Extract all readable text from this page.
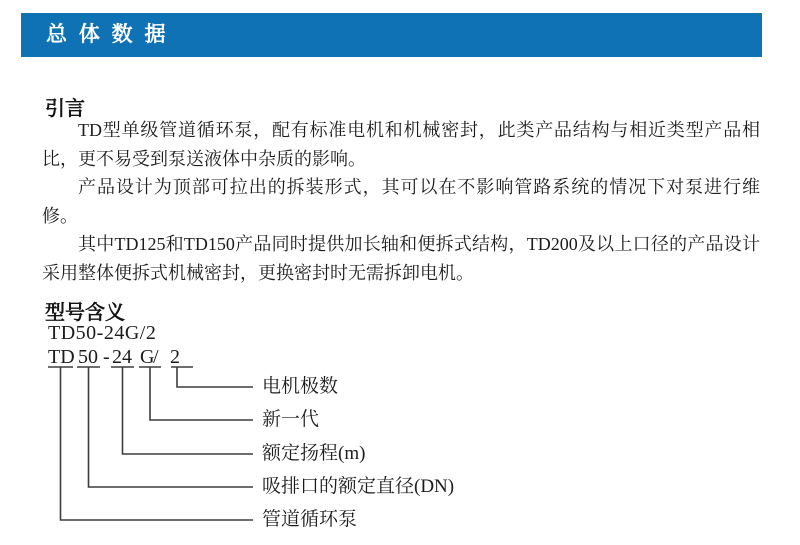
总 体 数 据
引言

TD型单级管道循环泵，配有标准电机和机械密封，此类产品结构与相近类型产品相比，更不易受到泵送液体中杂质的影响。

产品设计为顶部可拉出的拆装形式，其可以在不影响管路系统的情况下对泵进行维修。

其中TD125和TD150产品同时提供加长轴和便拆式结构，TD200及以上口径的产品设计采用整体便拆式机械密封，更换密封时无需拆卸电机。

型号含义
TD50-24G/2
TD 50 - 24 G
/ 2
电机极数
新一代
额定扬程(m)
吸排口的额定直径(DN)
管道循环泵
